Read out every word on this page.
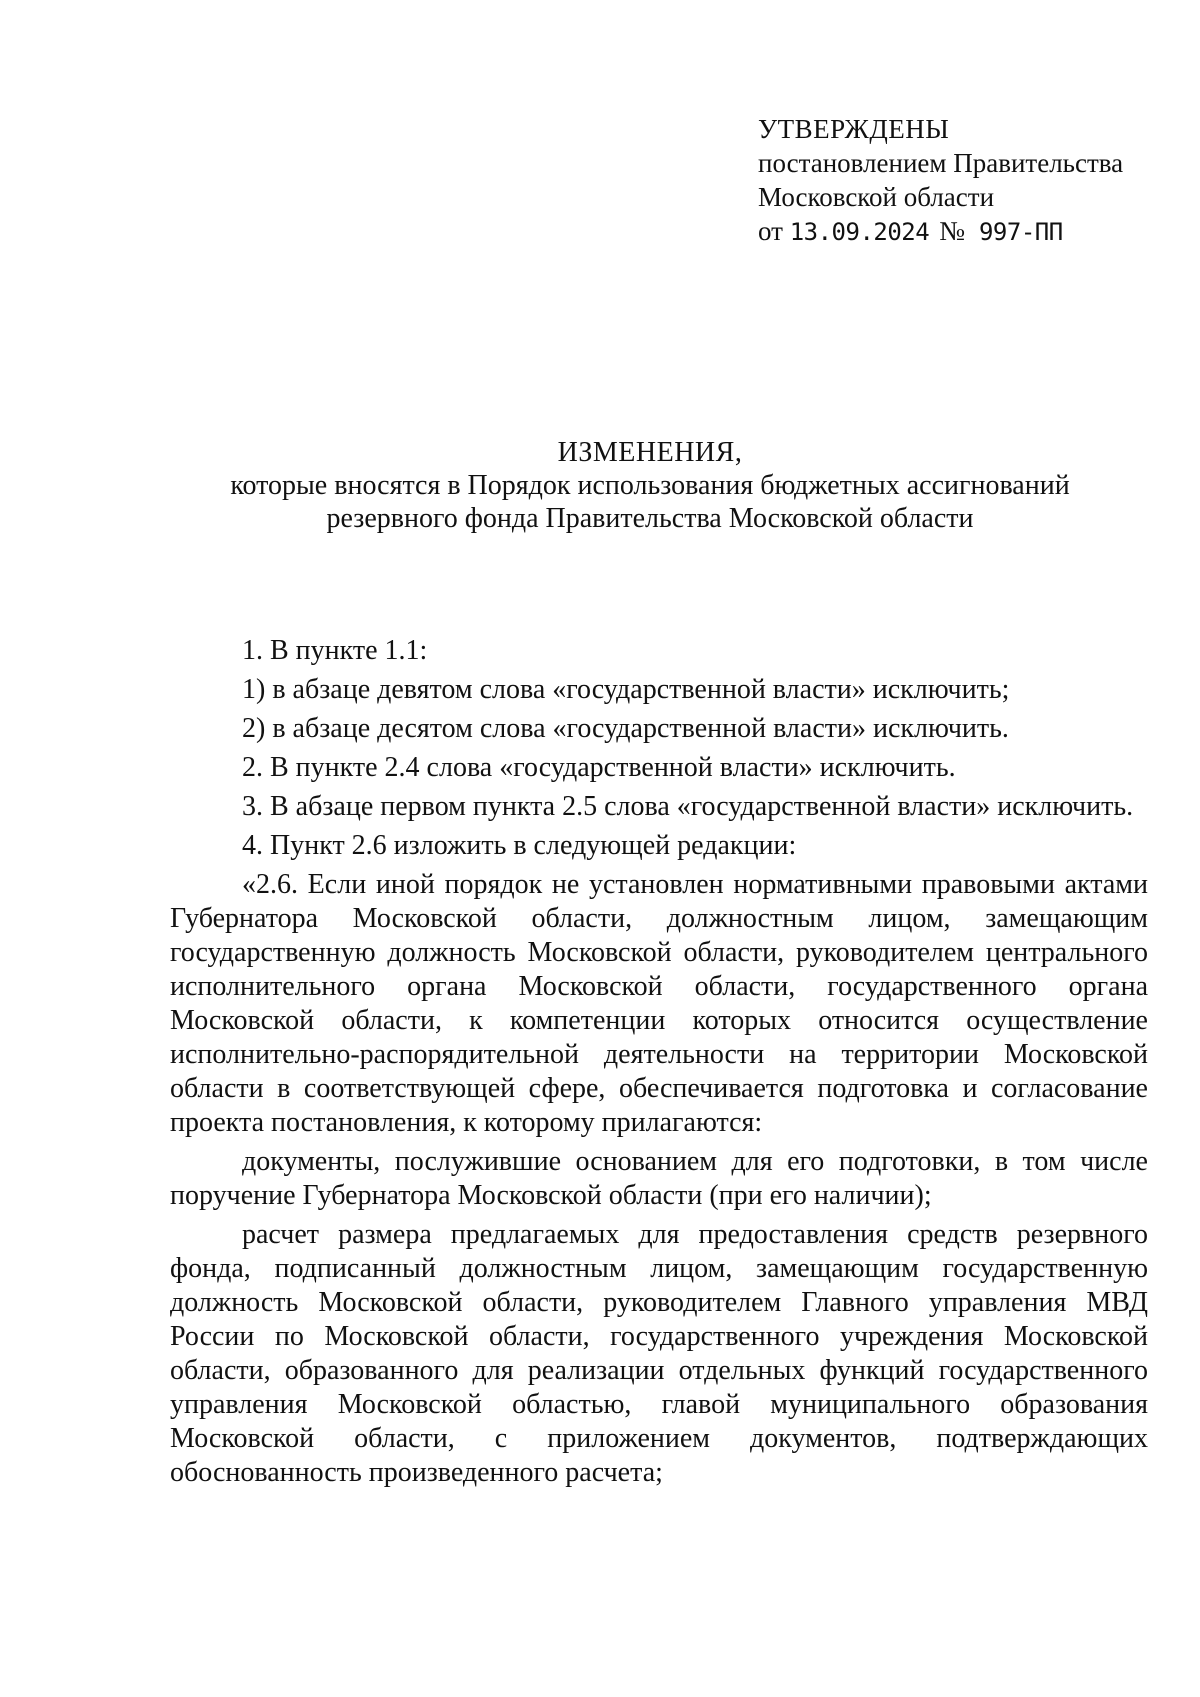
УТВЕРЖДЕНЫ
постановлением Правительства
Московской области
от 13.09.2024 № 997-ПП
ИЗМЕНЕНИЯ,
которые вносятся в Порядок использования бюджетных ассигнований
резервного фонда Правительства Московской области

1. В пункте 1.1:

1) в абзаце девятом слова «государственной власти» исключить;

2) в абзаце десятом слова «государственной власти» исключить.

2. В пункте 2.4 слова «государственной власти» исключить.

3. В абзаце первом пункта 2.5 слова «государственной власти» исключить.

4. Пункт 2.6 изложить в следующей редакции:

«2.6. Если иной порядок не установлен нормативными правовыми актами Губернатора Московской области, должностным лицом, замещающим государственную должность Московской области, руководителем центрального исполнительного органа Московской области, государственного органа Московской области, к компетенции которых относится осуществление исполнительно-распорядительной деятельности на территории Московской области в соответствующей сфере, обеспечивается подготовка и согласование проекта постановления, к которому прилагаются:

документы, послужившие основанием для его подготовки, в том числе поручение Губернатора Московской области (при его наличии);

расчет размера предлагаемых для предоставления средств резервного фонда, подписанный должностным лицом, замещающим государственную должность Московской области, руководителем Главного управления МВД России по Московской области, государственного учреждения Московской области, образованного для реализации отдельных функций государственного управления Московской областью, главой муниципального образования Московской области, с приложением документов, подтверждающих обоснованность произведенного расчета;
